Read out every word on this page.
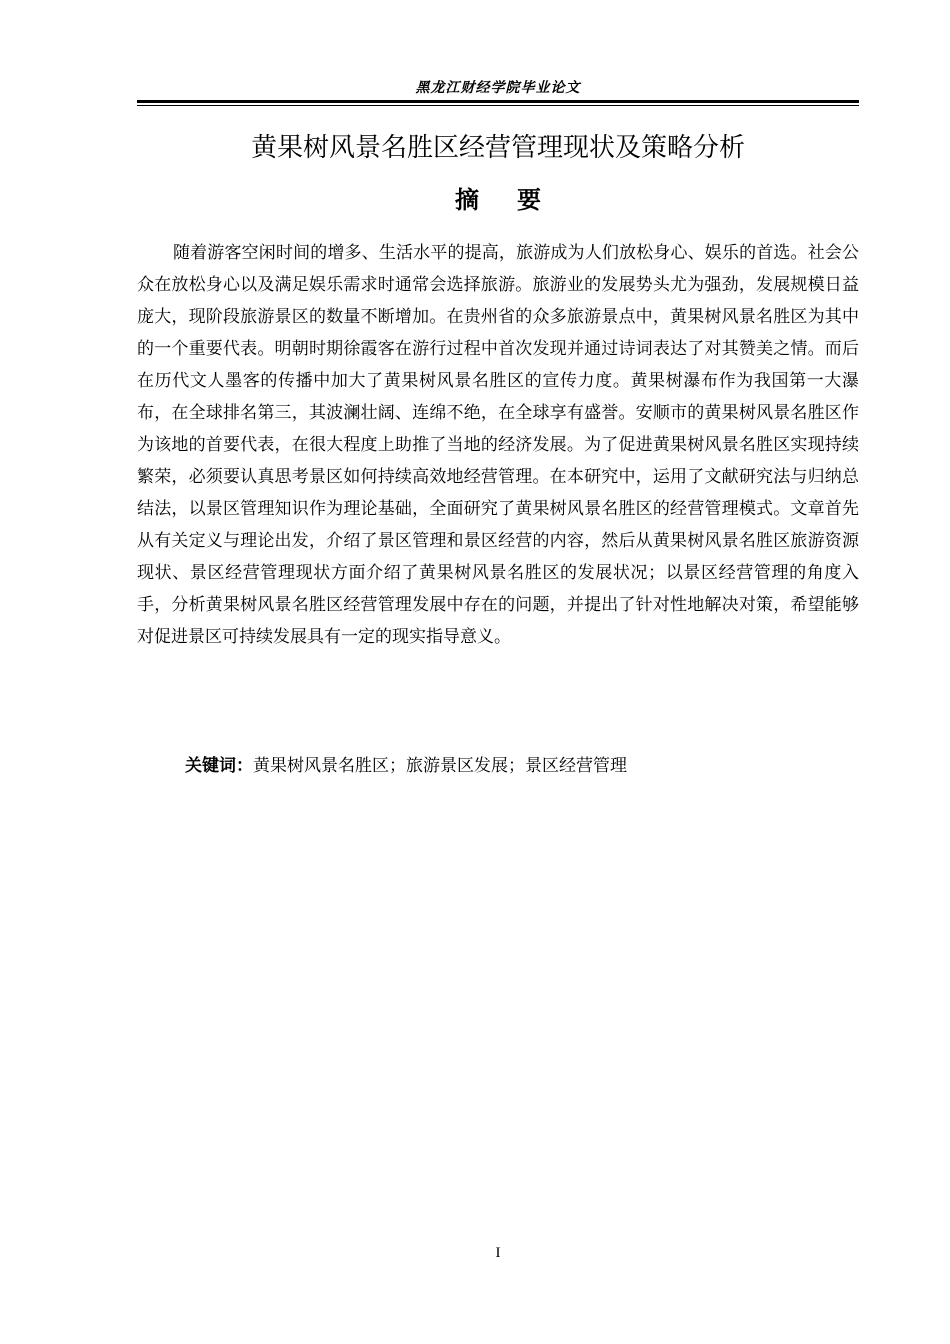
黑龙江财经学院毕业论文
黄果树风景名胜区经营管理现状及策略分析
摘要

随着游客空闲时间的增多、生活水平的提高，旅游成为人们放松身心、娱乐的首选。社会公众在放松身心以及满足娱乐需求时通常会选择旅游。旅游业的发展势头尤为强劲，发展规模日益庞大，现阶段旅游景区的数量不断增加。在贵州省的众多旅游景点中，黄果树风景名胜区为其中的一个重要代表。明朝时期徐霞客在游行过程中首次发现并通过诗词表达了对其赞美之情。而后在历代文人墨客的传播中加大了黄果树风景名胜区的宣传力度。黄果树瀑布作为我国第一大瀑布，在全球排名第三，其波澜壮阔、连绵不绝，在全球享有盛誉。安顺市的黄果树风景名胜区作为该地的首要代表，在很大程度上助推了当地的经济发展。为了促进黄果树风景名胜区实现持续繁荣，必须要认真思考景区如何持续高效地经营管理。在本研究中，运用了文献研究法与归纳总结法，以景区管理知识作为理论基础，全面研究了黄果树风景名胜区的经营管理模式。文章首先从有关定义与理论出发，介绍了景区管理和景区经营的内容，然后从黄果树风景名胜区旅游资源现状、景区经营管理现状方面介绍了黄果树风景名胜区的发展状况；以景区经营管理的角度入手，分析黄果树风景名胜区经营管理发展中存在的问题，并提出了针对性地解决对策，希望能够对促进景区可持续发展具有一定的现实指导意义。

关键词：黄果树风景名胜区；旅游景区发展；景区经营管理
I
